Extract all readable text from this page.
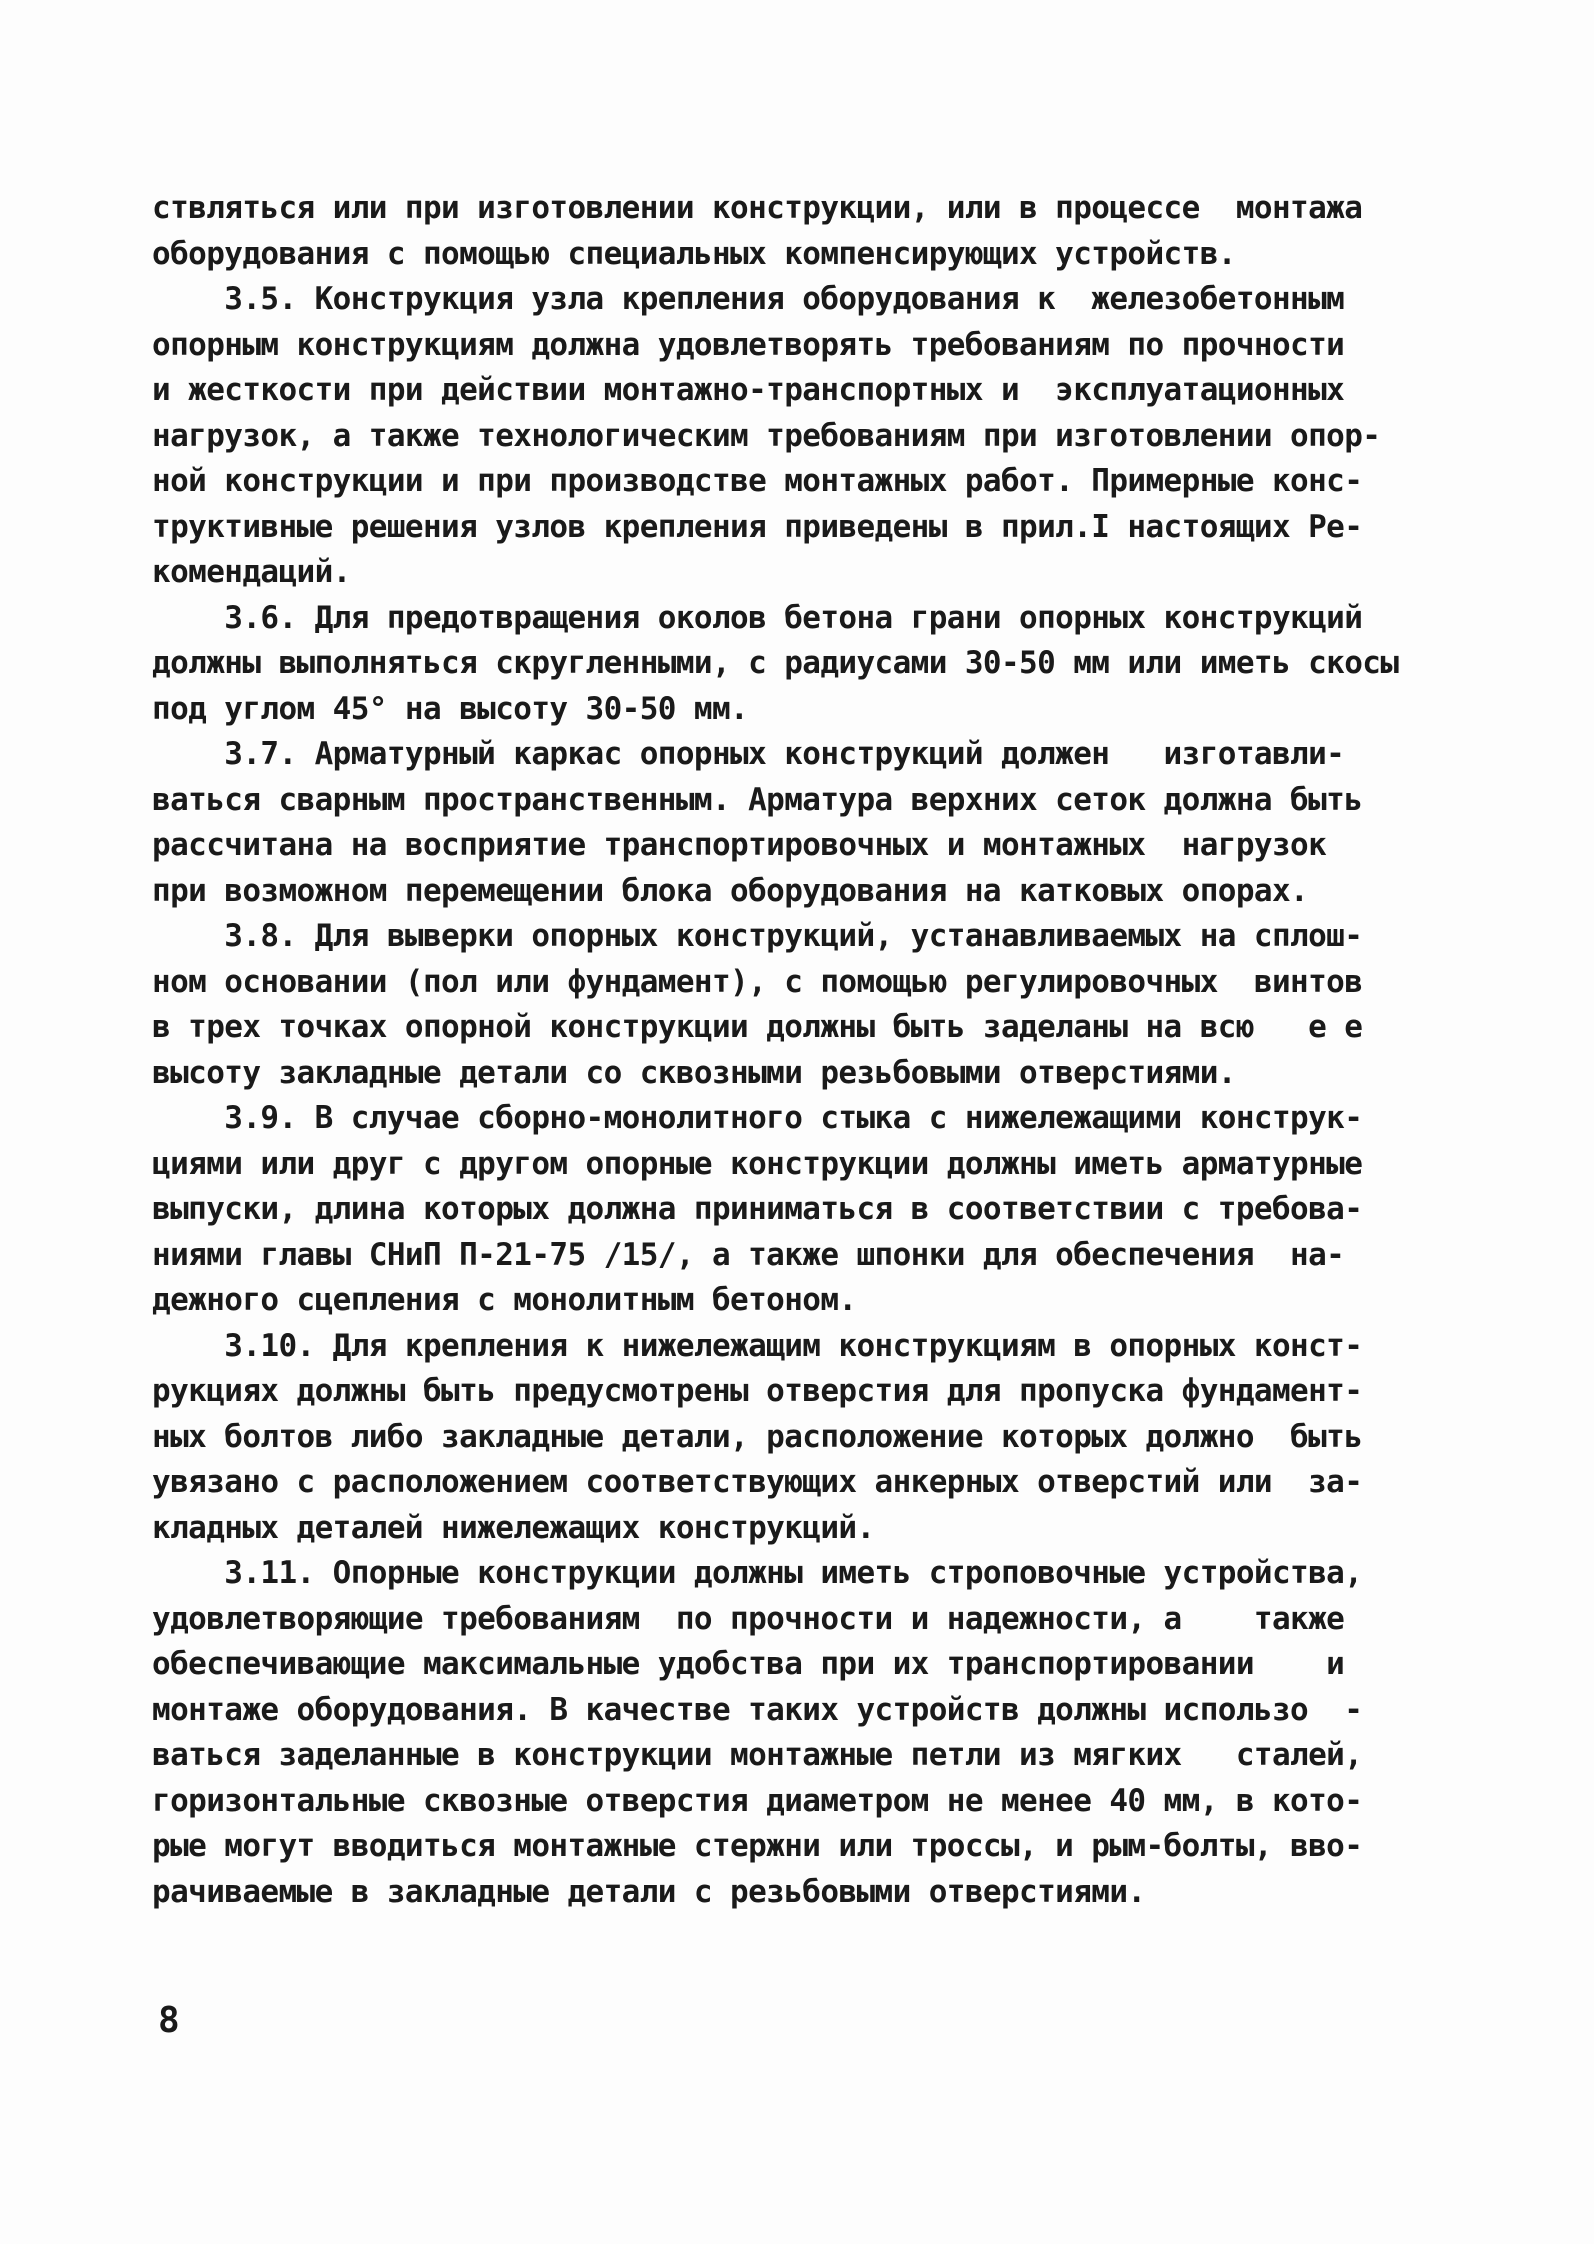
ствляться или при изготовлении конструкции, или в процессе  монтажа
оборудования с помощью специальных компенсирующих устройств.
3.5. Конструкция узла крепления оборудования к  железобетонным
опорным конструкциям должна удовлетворять требованиям по прочности
и жесткости при действии монтажно-транспортных и  эксплуатационных
нагрузок, а также технологическим требованиям при изготовлении опор-
ной конструкции и при производстве монтажных работ. Примерные конс-
труктивные решения узлов крепления приведены в прил.I настоящих Ре-
комендаций.
3.6. Для предотвращения околов бетона грани опорных конструкций
должны выполняться скругленными, с радиусами 30-50 мм или иметь скосы
под углом 45° на высоту 30-50 мм.
3.7. Арматурный каркас опорных конструкций должен   изготавли-
ваться сварным пространственным. Арматура верхних сеток должна быть
рассчитана на восприятие транспортировочных и монтажных  нагрузок
при возможном перемещении блока оборудования на катковых опорах.
3.8. Для выверки опорных конструкций, устанавливаемых на сплош-
ном основании (пол или фундамент), с помощью регулировочных  винтов
в трех точках опорной конструкции должны быть заделаны на всю   е е
высоту закладные детали со сквозными резьбовыми отверстиями.
3.9. В случае сборно-монолитного стыка с нижележащими конструк-
циями или друг с другом опорные конструкции должны иметь арматурные
выпуски, длина которых должна приниматься в соответствии с требова-
ниями главы СНиП П-21-75 /15/, а также шпонки для обеспечения  на-
дежного сцепления с монолитным бетоном.
3.10. Для крепления к нижележащим конструкциям в опорных конст-
рукциях должны быть предусмотрены отверстия для пропуска фундамент-
ных болтов либо закладные детали, расположение которых должно  быть
увязано с расположением соответствующих анкерных отверстий или  за-
кладных деталей нижележащих конструкций.
3.11. Опорные конструкции должны иметь строповочные устройства,
удовлетворяющие требованиям  по прочности и надежности, а    также
обеспечивающие максимальные удобства при их транспортировании    и
монтаже оборудования. В качестве таких устройств должны использо  -
ваться заделанные в конструкции монтажные петли из мягких   сталей,
горизонтальные сквозные отверстия диаметром не менее 40 мм, в кото-
рые могут вводиться монтажные стержни или троссы, и рым-болты, вво-
рачиваемые в закладные детали с резьбовыми отверстиями.
8
